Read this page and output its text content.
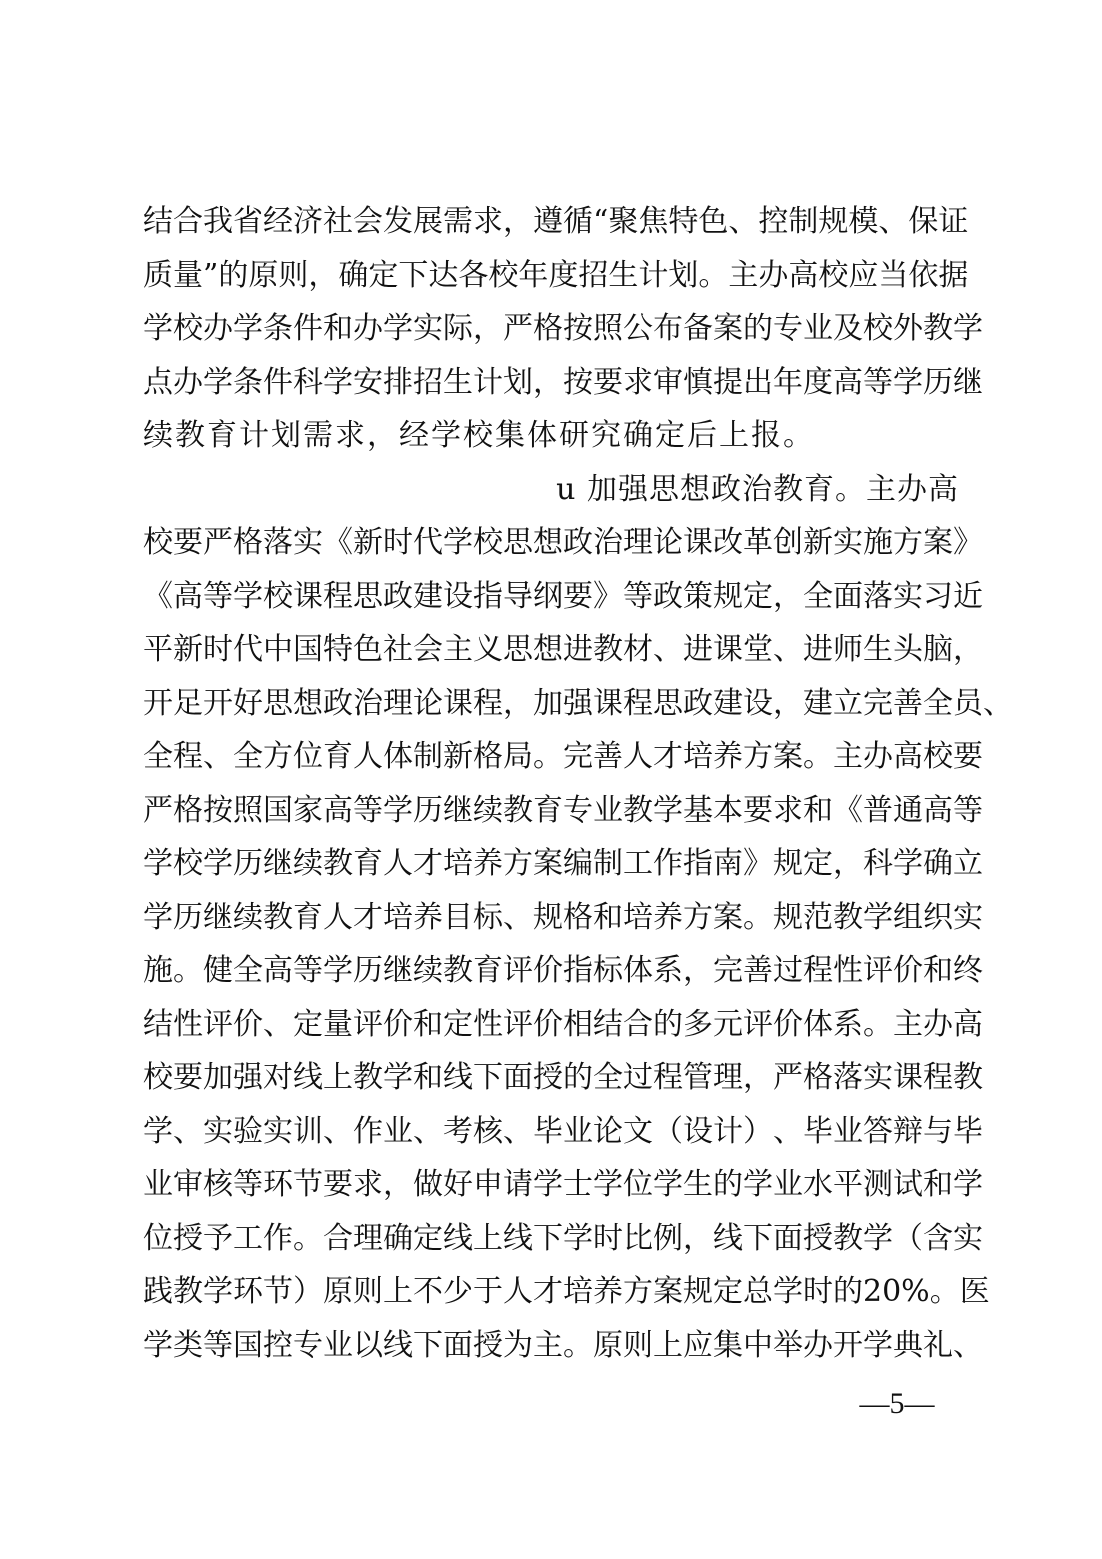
结 合 我 省 经 济 社 会 发 展 需 求 ， 遵 循 “ 聚 焦 特 色 、 控 制 规 模 、 保 证
质 量 ” 的 原 则 ， 确 定 下 达 各 校 年 度 招 生 计 划 。 主 办 高 校 应 当 依 据
学 校 办 学 条 件 和 办 学 实 际 ， 严 格 按 照 公 布 备 案 的 专 业 及 校 外 教 学
点 办 学 条 件 科 学 安 排 招 生 计 划 ， 按 要 求 审 慎 提 出 年 度 高 等 学 历 继
续教育计划需求，经学校集体研究确定后上报。
u 加强思想政治教育。主办高
校 要 严 格 落 实 《 新 时 代 学 校 思 想 政 治 理 论 课 改 革 创 新 实 施 方 案 》
《 高 等 学 校 课 程 思 政 建 设 指 导 纲 要 》 等 政 策 规 定 ， 全 面 落 实 习 近
平 新 时 代 中 国 特 色 社 会 主 义 思 想 进 教 材 、 进 课 堂 、 进 师 生 头 脑 ，
开 足 开 好 思 想 政 治 理 论 课 程 ， 加 强 课 程 思 政 建 设 ， 建 立 完 善 全 员 、
全 程 、 全 方 位 育 人 体 制 新 格 局 。 完 善 人 才 培 养 方 案 。 主 办 高 校 要
严 格 按 照 国 家 高 等 学 历 继 续 教 育 专 业 教 学 基 本 要 求 和 《 普 通 高 等
学 校 学 历 继 续 教 育 人 才 培 养 方 案 编 制 工 作 指 南 》 规 定 ， 科 学 确 立
学 历 继 续 教 育 人 才 培 养 目 标 、 规 格 和 培 养 方 案 。 规 范 教 学 组 织 实
施 。 健 全 高 等 学 历 继 续 教 育 评 价 指 标 体 系 ， 完 善 过 程 性 评 价 和 终
结 性 评 价 、 定 量 评 价 和 定 性 评 价 相 结 合 的 多 元 评 价 体 系 。 主 办 高
校 要 加 强 对 线 上 教 学 和 线 下 面 授 的 全 过 程 管 理 ， 严 格 落 实 课 程 教
学 、 实 验 实 训 、 作 业 、 考 核 、 毕 业 论 文 （ 设 计 ） 、 毕 业 答 辩 与 毕
业 审 核 等 环 节 要 求 ， 做 好 申 请 学 士 学 位 学 生 的 学 业 水 平 测 试 和 学
位 授 予 工 作 。 合 理 确 定 线 上 线 下 学 时 比 例 ， 线 下 面 授 教 学 （ 含 实
践 教 学 环 节 ） 原 则 上 不 少 于 人 才 培 养 方 案 规 定 总 学 时 的 20% 。 医
学 类 等 国 控 专 业 以 线 下 面 授 为 主 。 原 则 上 应 集 中 举 办 开 学 典 礼 、
—5—
